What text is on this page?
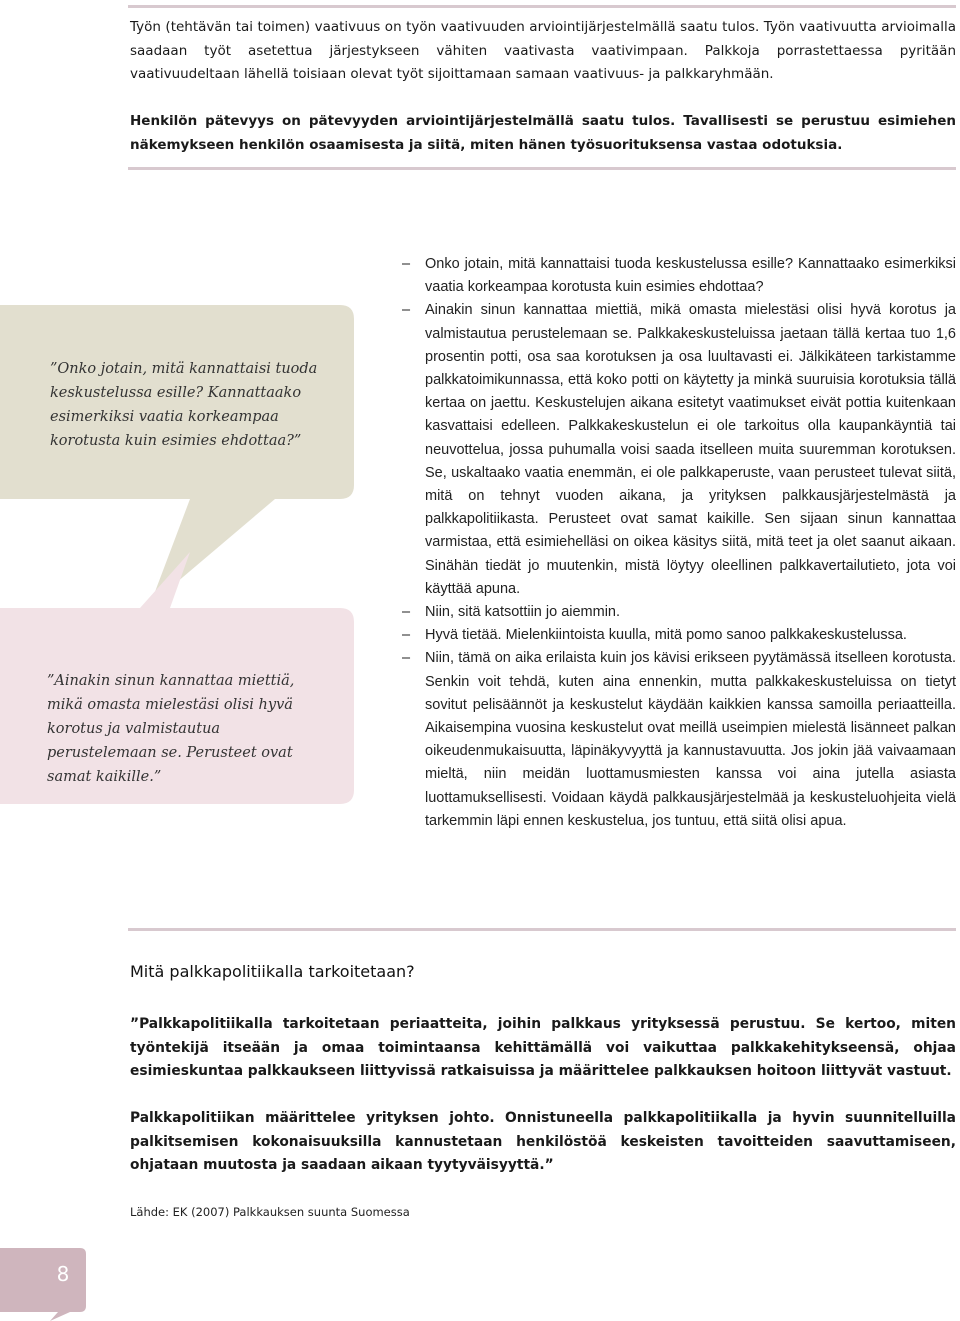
Työn (tehtävän tai toimen) vaativuus on työn vaativuuden arviointijärjestelmällä saatu tulos. Työn vaativuutta arvioimalla saadaan työt asetettua järjestykseen vähiten vaativasta vaativimpaan. Palkkoja porrastettaessa pyritään vaativuudeltaan lähellä toisiaan olevat työt sijoittamaan samaan vaativuus- ja palkkaryhmään.

Henkilön pätevyys on pätevyyden arviointijärjestelmällä saatu tulos. Tavallisesti se perustuu esimiehen näkemykseen henkilön osaamisesta ja siitä, miten hänen työsuorituksensa vastaa odotuksia.

”Onko jotain, mitä kannattaisi tuoda keskustelussa esille? Kannattaako esimerkiksi vaatia korkeampaa korotusta kuin esimies ehdottaa?”

”Ainakin sinun kannattaa miettiä, mikä omasta mielestäsi olisi hyvä korotus ja valmistautua perustelemaan se. Perusteet ovat samat kaikille.”

– Onko jotain, mitä kannattaisi tuoda keskustelussa esille? Kannattaako esimerkiksi vaatia korkeampaa korotusta kuin esimies ehdottaa?
– Ainakin sinun kannattaa miettiä, mikä omasta mielestäsi olisi hyvä korotus ja valmistautua perustelemaan se. Palkkakeskusteluissa jaetaan tällä kertaa tuo 1,6 prosentin potti, osa saa korotuksen ja osa luultavasti ei. Jälkikäteen tarkistamme palkkatoimikunnassa, että koko potti on käytetty ja minkä suuruisia korotuksia tällä kertaa on jaettu. Keskustelujen aikana esitetyt vaatimukset eivät pottia kuitenkaan kasvattaisi edelleen. Palkkakeskustelun ei ole tarkoitus olla kaupankäyntiä tai neuvottelua, jossa puhumalla voisi saada itselleen muita suuremman korotuksen. Se, uskaltaako vaatia enemmän, ei ole palkkaperuste, vaan perusteet tulevat siitä, mitä on tehnyt vuoden aikana, ja yrityksen palkkausjärjestelmästä ja palkkapolitiikasta. Perusteet ovat samat kaikille. Sen sijaan sinun kannattaa varmistaa, että esimiehelläsi on oikea käsitys siitä, mitä teet ja olet saanut aikaan. Sinähän tiedät jo muutenkin, mistä löytyy oleellinen palkkavertailutieto, jota voi käyttää apuna.
– Niin, sitä katsottiin jo aiemmin.
– Hyvä tietää. Mielenkiintoista kuulla, mitä pomo sanoo palkkakeskustelussa.
– Niin, tämä on aika erilaista kuin jos kävisi erikseen pyytämässä itselleen korotusta. Senkin voit tehdä, kuten aina ennenkin, mutta palkkakeskusteluissa on tietyt sovitut pelisäännöt ja keskustelut käydään kaikkien kanssa samoilla periaatteilla. Aikaisempina vuosina keskustelut ovat meillä useimpien mielestä lisänneet palkan oikeudenmukaisuutta, läpinäkyvyyttä ja kannustavuutta. Jos jokin jää vaivaamaan mieltä, niin meidän luottamusmiesten kanssa voi aina jutella asiasta luottamuksellisesti. Voidaan käydä palkkausjärjestelmää ja keskusteluohjeita vielä tarkemmin läpi ennen keskustelua, jos tuntuu, että siitä olisi apua.
Mitä palkkapolitiikalla tarkoitetaan?

”Palkkapolitiikalla tarkoitetaan periaatteita, joihin palkkaus yrityksessä perustuu. Se kertoo, miten työntekijä itseään ja omaa toimintaansa kehittämällä voi vaikuttaa palkkakehitykseensä, ohjaa esimieskuntaa palkkaukseen liittyvissä ratkaisuissa ja määrittelee palkkauksen hoitoon liittyvät vastuut.

Palkkapolitiikan määrittelee yrityksen johto. Onnistuneella palkkapolitiikalla ja hyvin suunnitelluilla palkitsemisen kokonaisuuksilla kannustetaan henkilöstöä keskeisten tavoitteiden saavuttamiseen, ohjataan muutosta ja saadaan aikaan tyytyväisyyttä.”

Lähde: EK (2007) Palkkauksen suunta Suomessa

8
